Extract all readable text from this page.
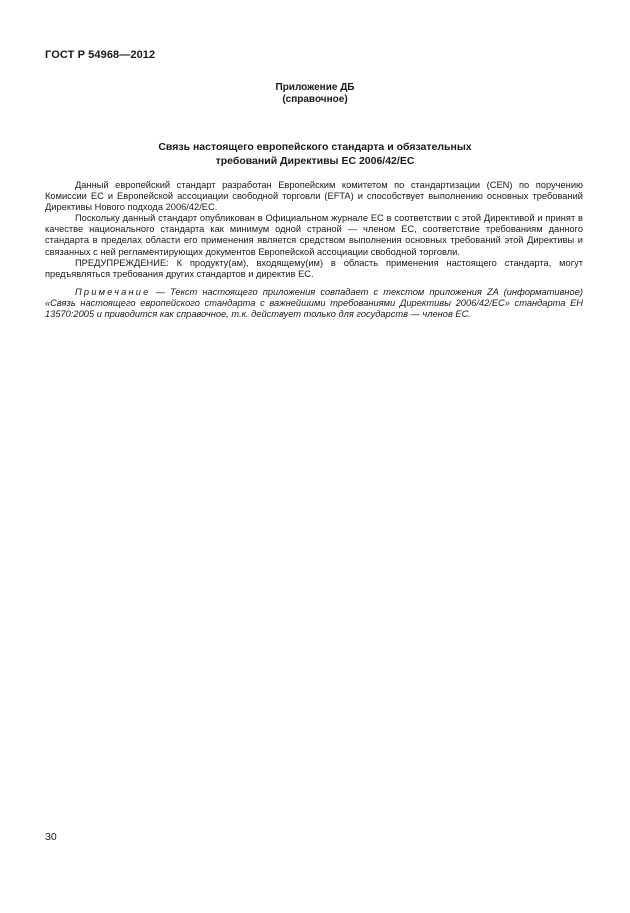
ГОСТ Р 54968—2012
Приложение ДБ
(справочное)
Связь настоящего европейского стандарта и обязательных
требований Директивы ЕС 2006/42/ЕС

Данный европейский стандарт разработан Европейским комитетом по стандартизации (CEN) по поручению Комиссии ЕС и Европейской ассоциации свободной торговли (EFTA) и способствует выполнению основных требований Директивы Нового подхода 2006/42/ЕС.

Поскольку данный стандарт опубликован в Официальном журнале ЕС в соответствии с этой Директивой и принят в качестве национального стандарта как минимум одной страной — членом ЕС, соответствие требованиям данного стандарта в пределах области его применения является средством выполнения основных требований этой Директивы и связанных с ней регламентирующих документов Европейской ассоциации свободной торговли.

ПРЕДУПРЕЖДЕНИЕ: К продукту(ам), входящему(им) в область применения настоящего стандарта, могут предъявляться требования других стандартов и директив ЕС.

Примечание — Текст настоящего приложения совпадает с текстом приложения ZA (информативное) «Связь настоящего европейского стандарта с важнейшими требованиями Директивы 2006/42/ЕС» стандарта ЕН 13570:2005 и приводится как справочное, т.к. действует только для государств — членов ЕС.

30
